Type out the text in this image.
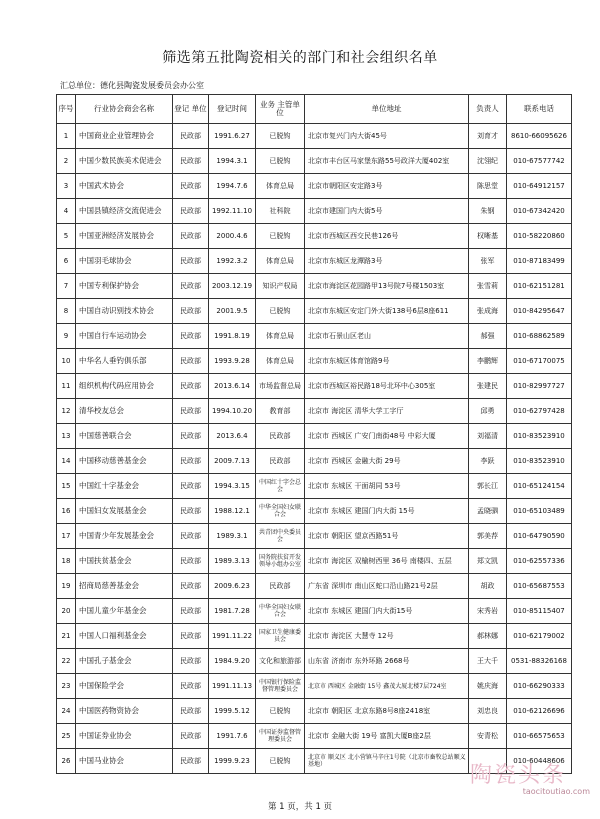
筛选第五批陶瓷相关的部门和社会组织名单
汇总单位：德化县陶瓷发展委员会办公室
序号	行业协会商会名称	登记 单位	登记时间	业务 主管单位	单位地址	负责人	联系电话
1	中国商业企业管理协会	民政部	1991.6.27	已脱钩	北京市复兴门内大街45号	刘育才	8610-66095626
2	中国少数民族美术促进会	民政部	1994.3.1	已脱钩	北京市丰台区马家堡东路55号政洋大厦402室	沈翎纪	010-67577742
3	中国武术协会	民政部	1994.7.6	体育总局	北京市朝阳区安定路3号	陈思堂	010-64912157
4	中国县镇经济交流促进会	民政部	1992.11.10	社科院	北京市建国门内大街5号	朱钢	010-67342420
5	中国亚洲经济发展协会	民政部	2000.4.6	已脱钩	北京市西城区西交民巷126号	权晰基	010-58220860
6	中国羽毛球协会	民政部	1992.3.2	体育总局	北京市东城区龙潭路3号	张军	010-87183499
7	中国专利保护协会	民政部	2003.12.19	知识产权局	北京市海淀区花园路甲13号院7号楼1503室	张雪莉	010-62151281
8	中国自动识别技术协会	民政部	2001.9.5	已脱钩	北京市东城区安定门外大街138号6层8座611	张成海	010-84295647
9	中国自行车运动协会	民政部	1991.8.19	体育总局	北京市石景山区老山	郝强	010-68862589
10	中华名人垂钓俱乐部	民政部	1993.9.28	体育总局	北京市东城区体育馆路9号	李鹏辉	010-67170075
11	组织机构代码应用协会	民政部	2013.6.14	市场监督总局	北京市西城区裕民路18号北环中心305室	张建民	010-82997727
12	清华校友总会	民政部	1994.10.20	教育部	北京市 海淀区 清华大学工字厅	邱勇	010-62797428
13	中国慈善联合会	民政部	2013.6.4	民政部	北京市 西城区 广安门南街48号 中彩大厦	刘福清	010-83523910
14	中国移动慈善基金会	民政部	2009.7.13	民政部	北京市 西城区 金融大街 29号	李跃	010-83523910
15	中国红十字基金会	民政部	1994.3.15	中国红十字会总会	北京市 东城区 干面胡同 53号	郭长江	010-65124154
16	中国妇女发展基金会	民政部	1988.12.1	中华全国妇女联合会	北京市 东城区 建国门内大街 15号	孟晓驷	010-65103489
17	中国青少年发展基金会	民政部	1989.3.1	共青团中央委员会	北京市 朝阳区 望京西路51号	郭美荐	010-64790590
18	中国扶贫基金会	民政部	1989.3.13	国务院扶贫开发领导小组办公室	北京市 海淀区 双榆树西里 36号 南楼四、五层	郑文凯	010-62557336
19	招商局慈善基金会	民政部	2009.6.23	民政部	广东省 深圳市 南山区蛇口沿山路21号2层	胡政	010-65687553
20	中国儿童少年基金会	民政部	1981.7.28	中华全国妇女联合会	北京市 东城区 建国门内大街15号	宋秀岩	010-85115407
21	中国人口福利基金会	民政部	1991.11.22	国家卫生健康委员会	北京市 海淀区 大慧寺 12号	郝林娜	010-62179002
22	中国孔子基金会	民政部	1984.9.20	文化和旅游部	山东省 济南市 东外环路 2668号	王大千	0531-88326168
23	中国保险学会	民政部	1991.11.13	中国银行保险监督管理委员会	北京市 西城区 金融街 15号 鑫茂大厦北楼7层724室	姚庆海	010-66290333
24	中国医药物资协会	民政部	1999.5.12	已脱钩	北京市 朝阳区 北京东路8号8座2418室	刘忠良	010-62126696
25	中国证券业协会	民政部	1991.7.6	中国证券监督管理委员会	北京市 金融大街 19号 富凯大厦B座2层	安青松	010-66575653
26	中国马业协会	民政部	1999.9.23	已脱钩	北京市 顺义区 北小营镇马辛庄1号院（北京市畜牧总站顺义基地）		010-60448606
第 1 页，共 1 页
陶瓷头条
taocitoutiao.com
